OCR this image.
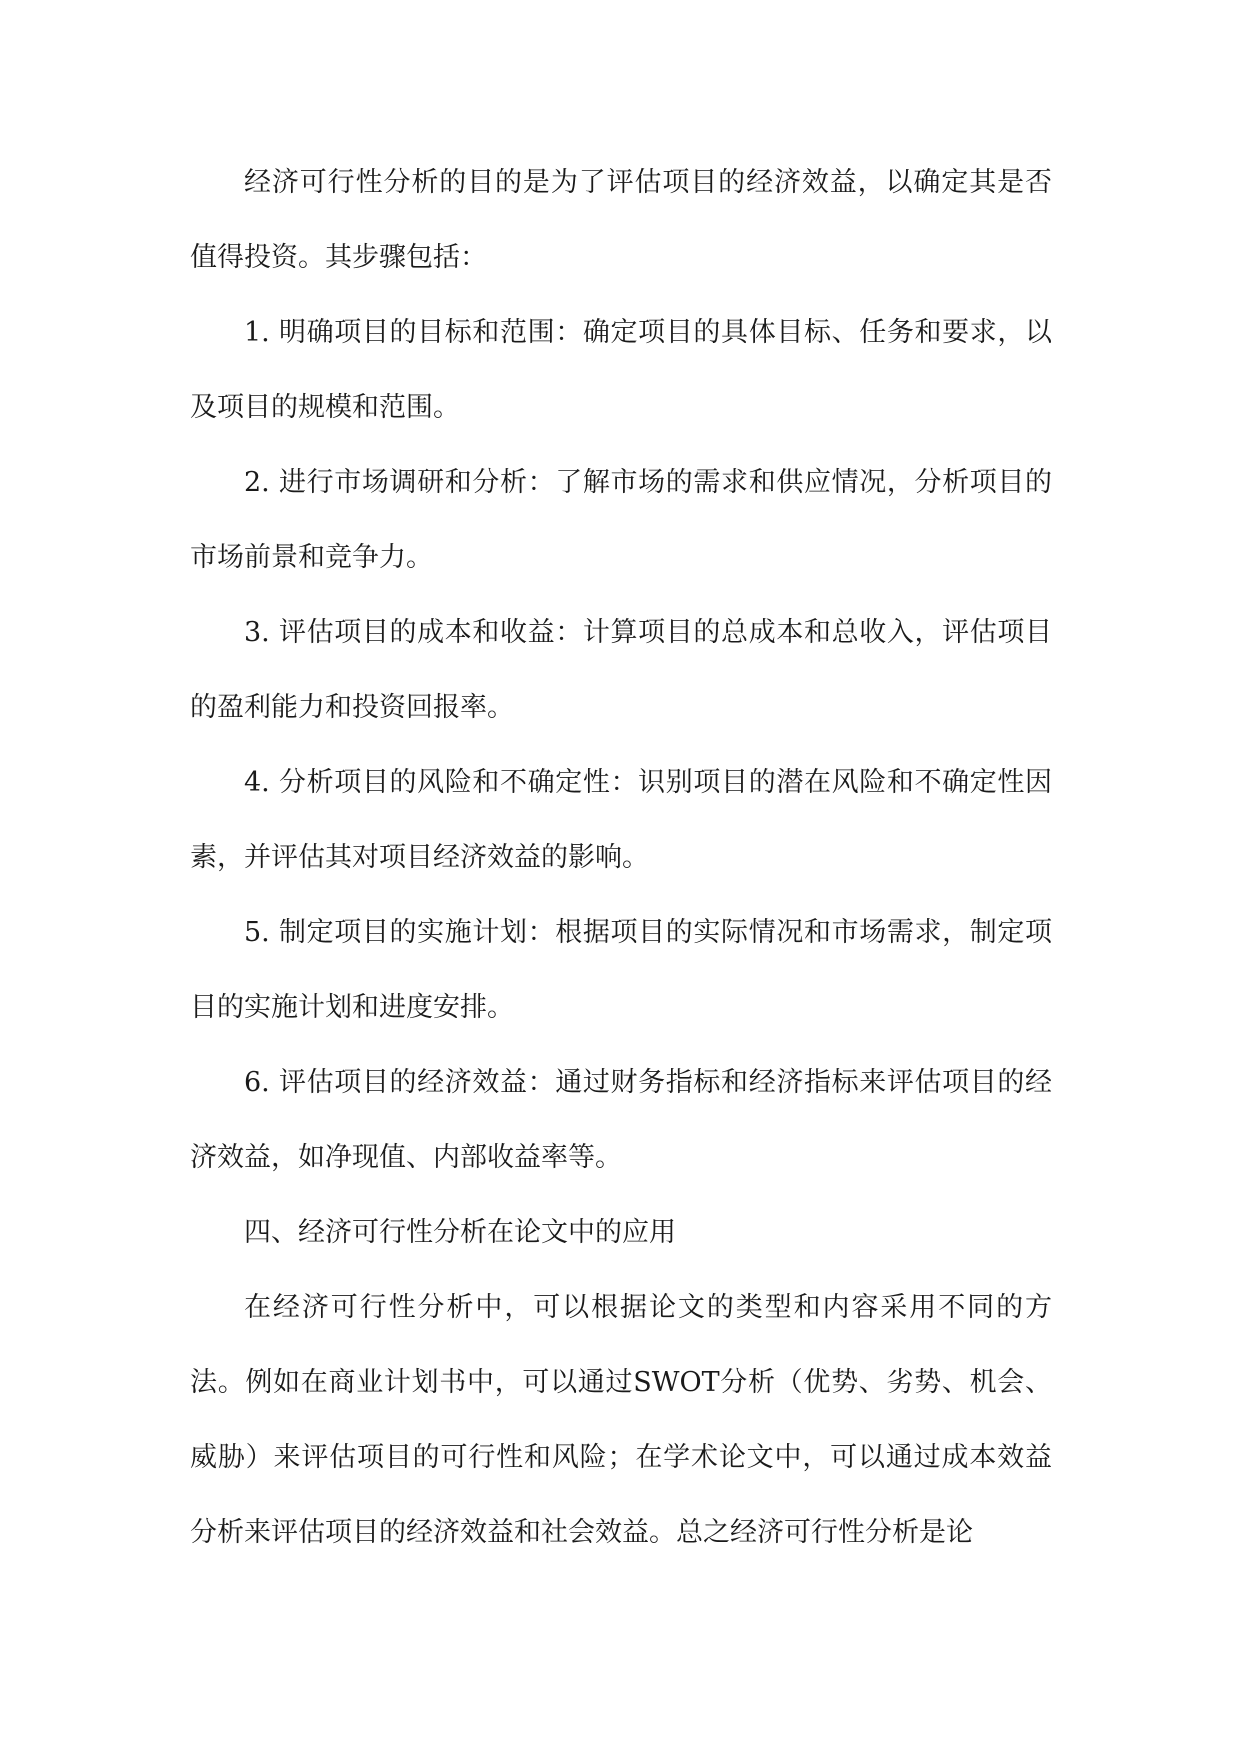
经济可行性分析的目的是为了评估项目的经济效益，以确定其是否值得投资。其步骤包括：

1. 明确项目的目标和范围：确定项目的具体目标、任务和要求，以及项目的规模和范围。

2. 进行市场调研和分析：了解市场的需求和供应情况，分析项目的市场前景和竞争力。

3. 评估项目的成本和收益：计算项目的总成本和总收入，评估项目的盈利能力和投资回报率。

4. 分析项目的风险和不确定性：识别项目的潜在风险和不确定性因素，并评估其对项目经济效益的影响。

5. 制定项目的实施计划：根据项目的实际情况和市场需求，制定项目的实施计划和进度安排。

6. 评估项目的经济效益：通过财务指标和经济指标来评估项目的经济效益，如净现值、内部收益率等。

四、经济可行性分析在论文中的应用

在经济可行性分析中，可以根据论文的类型和内容采用不同的方法。例如在商业计划书中，可以通过SWOT分析（优势、劣势、机会、威胁）来评估项目的可行性和风险；在学术论文中，可以通过成本效益分析来评估项目的经济效益和社会效益。总之经济可行性分析是论
